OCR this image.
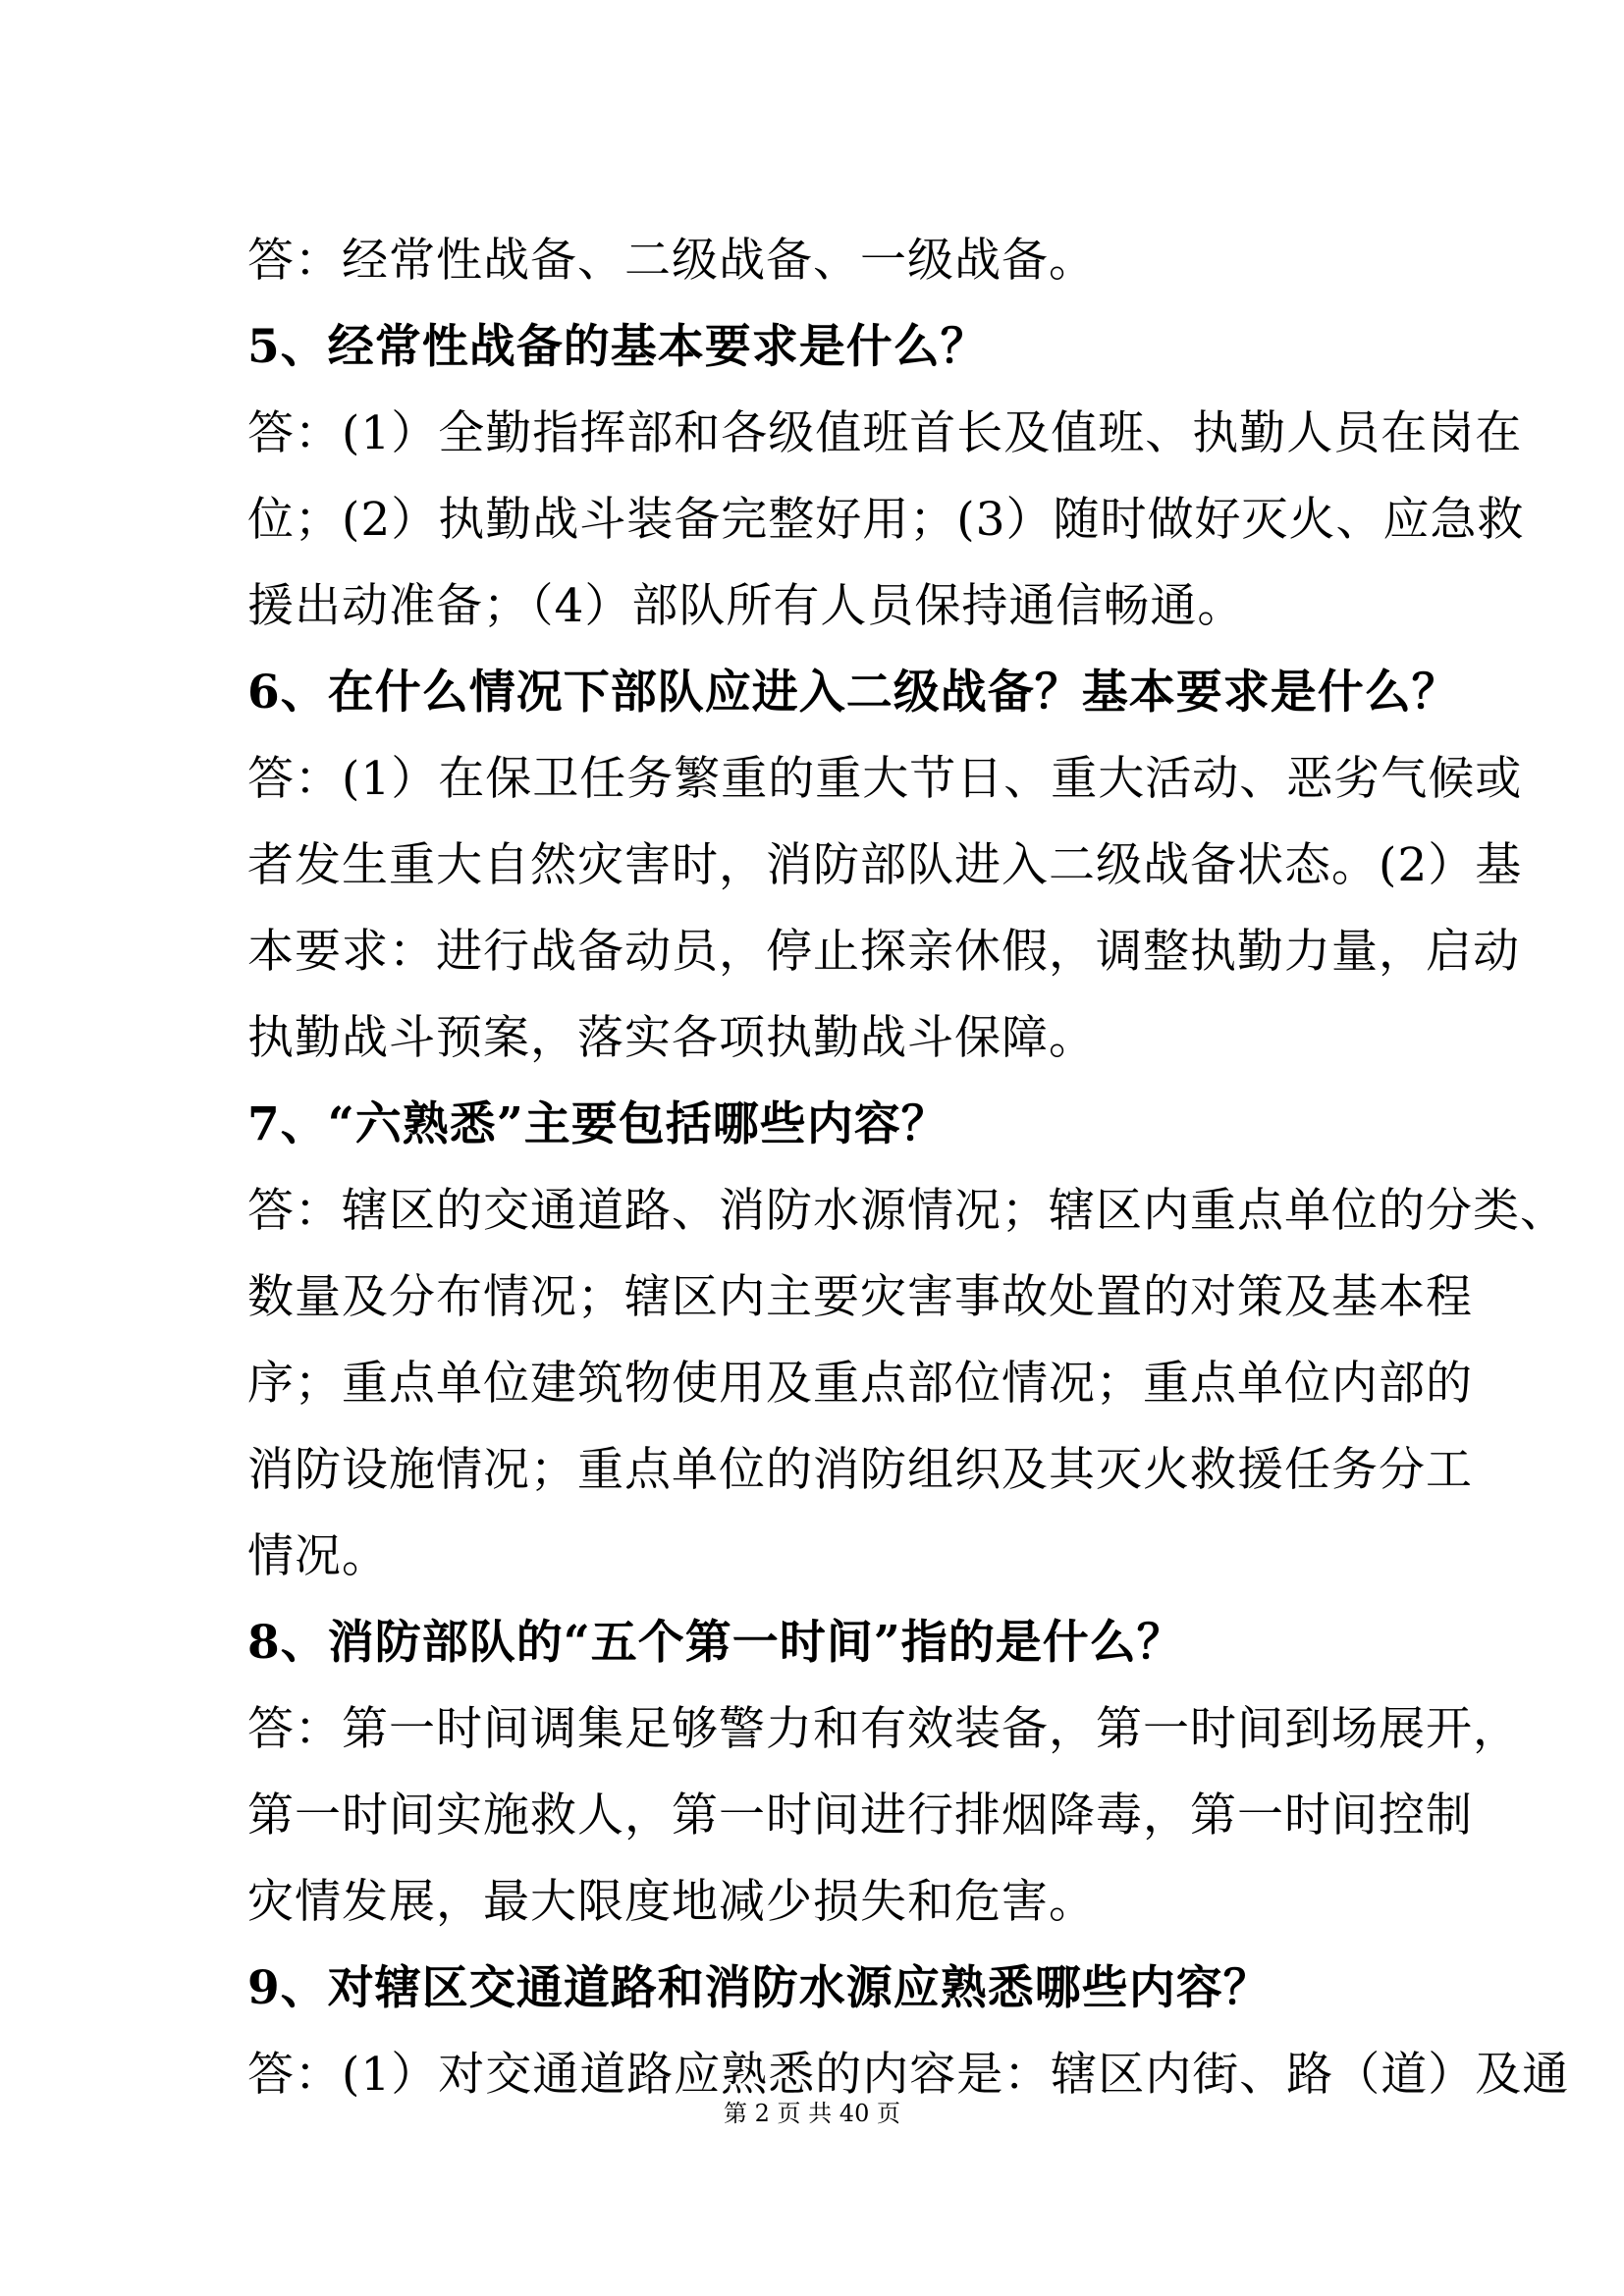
答：经常性战备、二级战备、一级战备。
5、经常性战备的基本要求是什么？
答：(1）全勤指挥部和各级值班首长及值班、执勤人员在岗在
位；(2）执勤战斗装备完整好用；(3）随时做好灭火、应急救
援出动准备；（4）部队所有人员保持通信畅通。
6、在什么情况下部队应进入二级战备？基本要求是什么？
答：(1）在保卫任务繁重的重大节日、重大活动、恶劣气候或
者发生重大自然灾害时，消防部队进入二级战备状态。(2）基
本要求：进行战备动员，停止探亲休假，调整执勤力量，启动
执勤战斗预案，落实各项执勤战斗保障。
7、“六熟悉”主要包括哪些内容？
答：辖区的交通道路、消防水源情况；辖区内重点单位的分类、
数量及分布情况；辖区内主要灾害事故处置的对策及基本程
序；重点单位建筑物使用及重点部位情况；重点单位内部的
消防设施情况；重点单位的消防组织及其灭火救援任务分工
情况。
8、消防部队的“五个第一时间”指的是什么？
答：第一时间调集足够警力和有效装备，第一时间到场展开，
第一时间实施救人，第一时间进行排烟降毒，第一时间控制
灾情发展，最大限度地减少损失和危害。
9、对辖区交通道路和消防水源应熟悉哪些内容？
答：(1）对交通道路应熟悉的内容是：辖区内街、路（道）及通
第 2 页 共 40 页
